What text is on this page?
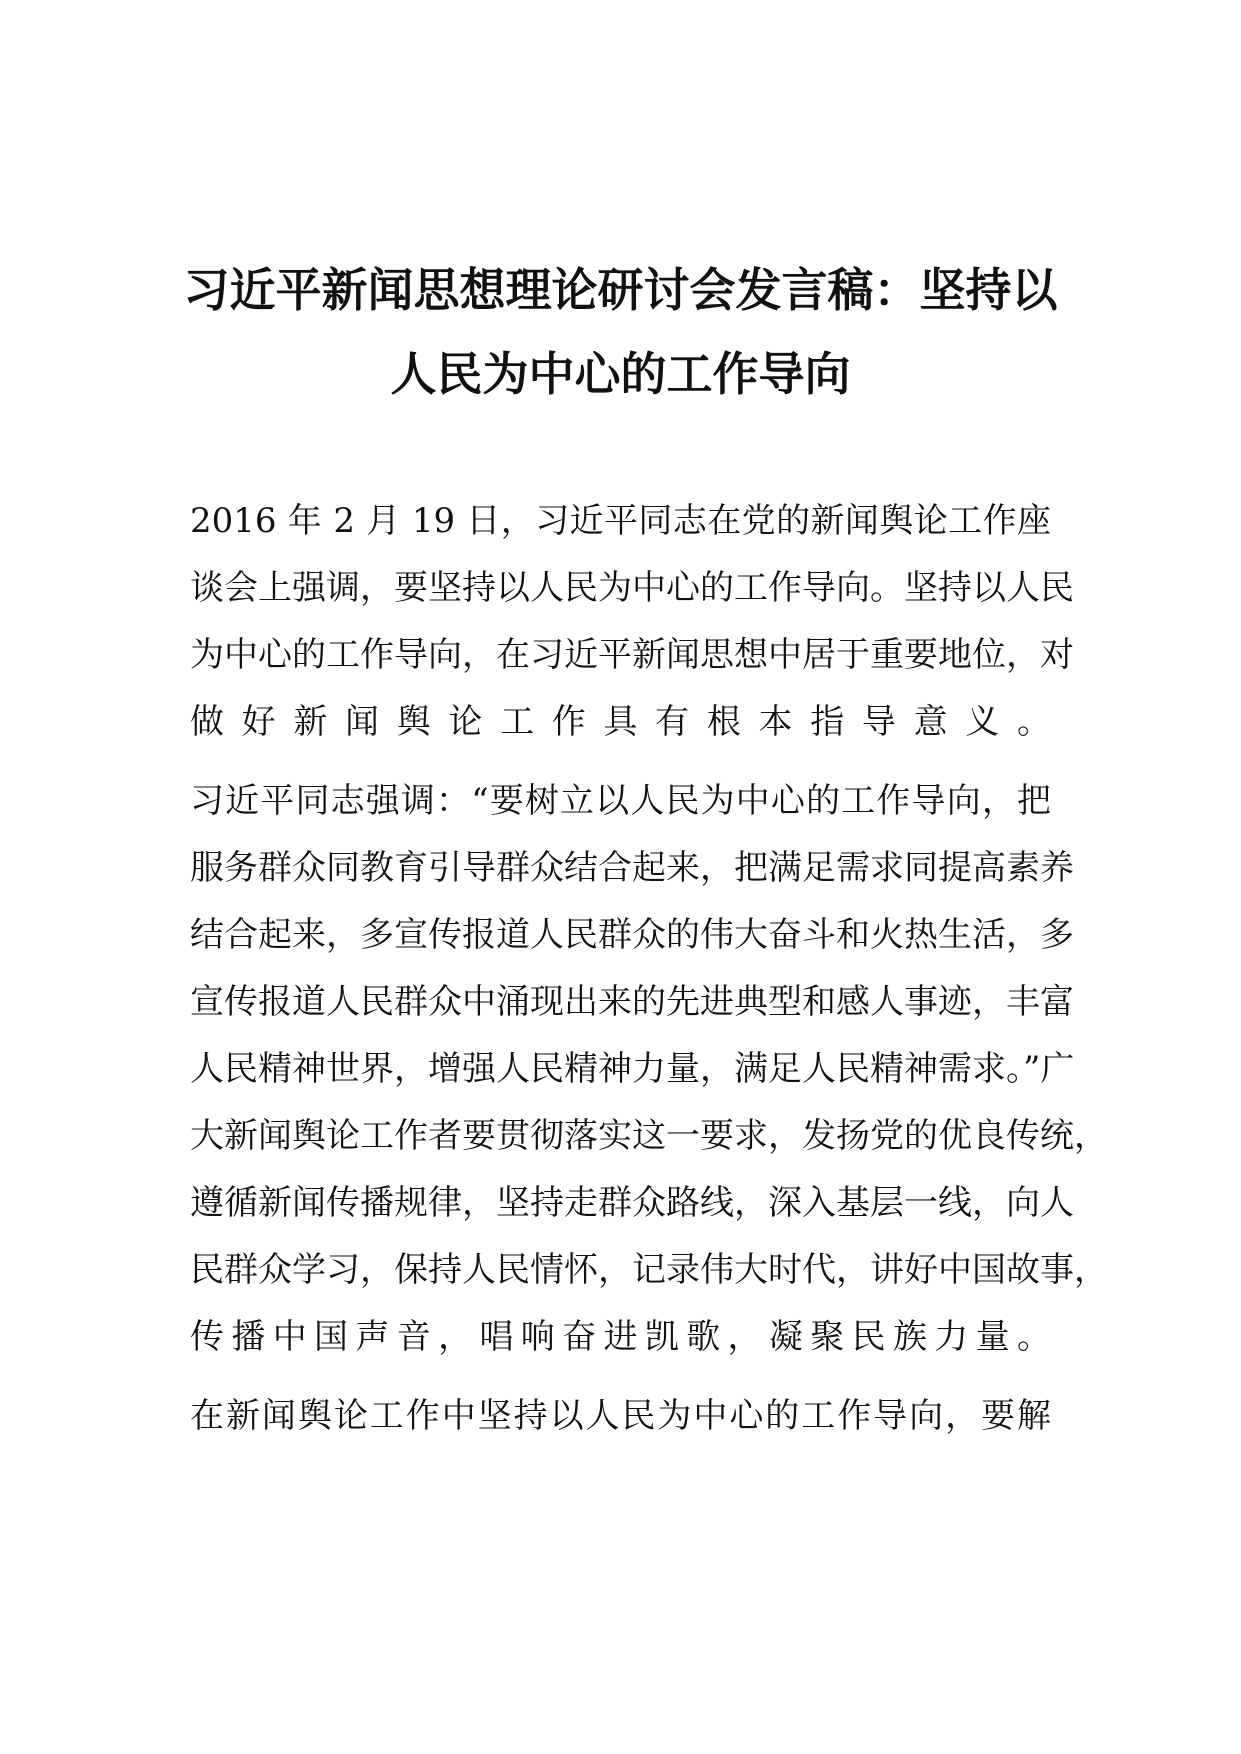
习近平新闻思想理论研讨会发言稿：坚持以
人民为中心的工作导向
2016 年 2 月 19 日，习近平同志在党的新闻舆论工作座
谈会上强调，要坚持以人民为中心的工作导向。坚持以人民
为中心的工作导向，在习近平新闻思想中居于重要地位，对
做好新闻舆论工作具有根本指导意义。
习近平同志强调：“要树立以人民为中心的工作导向，把
服务群众同教育引导群众结合起来，把满足需求同提高素养
结合起来，多宣传报道人民群众的伟大奋斗和火热生活，多
宣传报道人民群众中涌现出来的先进典型和感人事迹，丰富
人民精神世界，增强人民精神力量，满足人民精神需求。”广
大新闻舆论工作者要贯彻落实这一要求，发扬党的优良传统，
遵循新闻传播规律，坚持走群众路线，深入基层一线，向人
民群众学习，保持人民情怀，记录伟大时代，讲好中国故事，
传播中国声音，唱响奋进凯歌，凝聚民族力量。
在新闻舆论工作中坚持以人民为中心的工作导向，要解
